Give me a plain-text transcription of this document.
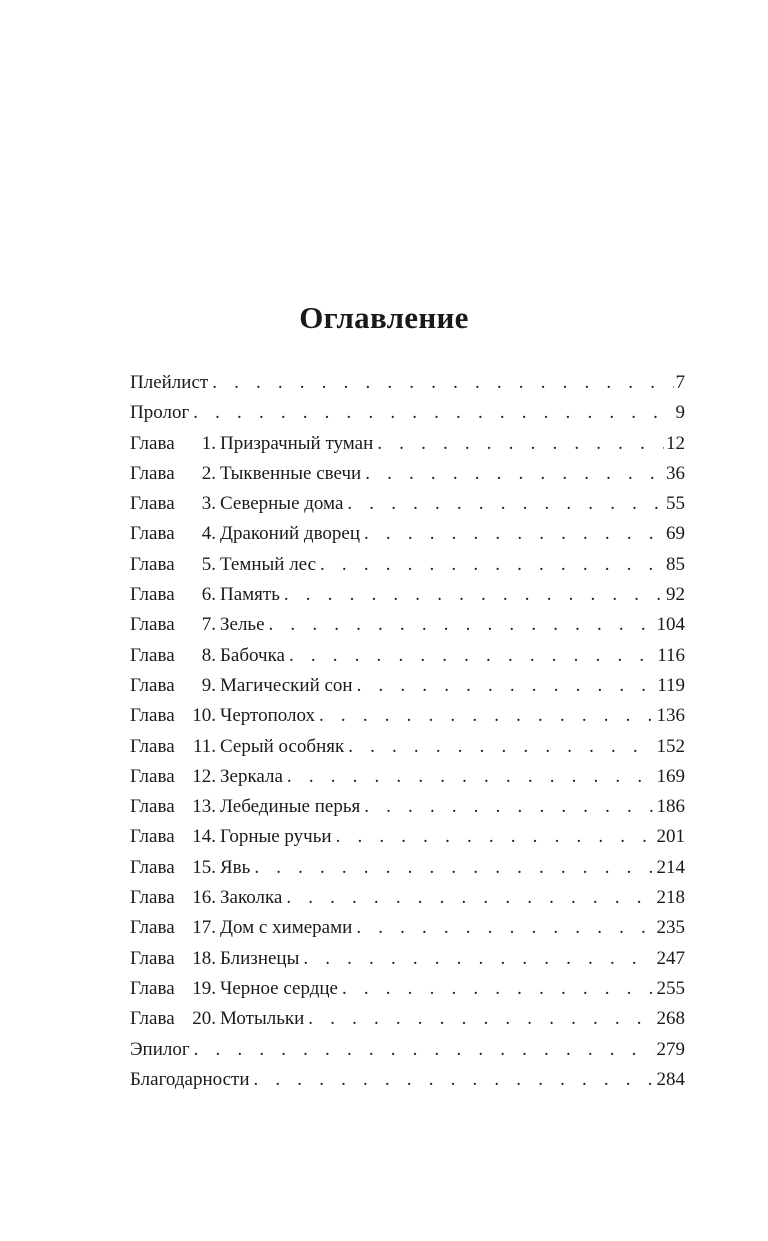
Оглавление
Плейлист . . .	7
Пролог . . .	9
Глава 1. Призрачный туман . . .	12
Глава 2. Тыквенные свечи . . .	36
Глава 3. Северные дома . . .	55
Глава 4. Драконий дворец . . .	69
Глава 5. Темный лес . . .	85
Глава 6. Память . . .	92
Глава 7. Зелье . . .	104
Глава 8. Бабочка . . .	116
Глава 9. Магический сон . . .	119
Глава 10. Чертополох . . .	136
Глава 11. Серый особняк . . .	152
Глава 12. Зеркала . . .	169
Глава 13. Лебединые перья . . .	186
Глава 14. Горные ручьи . . .	201
Глава 15. Явь . . .	214
Глава 16. Заколка . . .	218
Глава 17. Дом с химерами . . .	235
Глава 18. Близнецы . . .	247
Глава 19. Черное сердце . . .	255
Глава 20. Мотыльки . . .	268
Эпилог . . .	279
Благодарности . . .	284
